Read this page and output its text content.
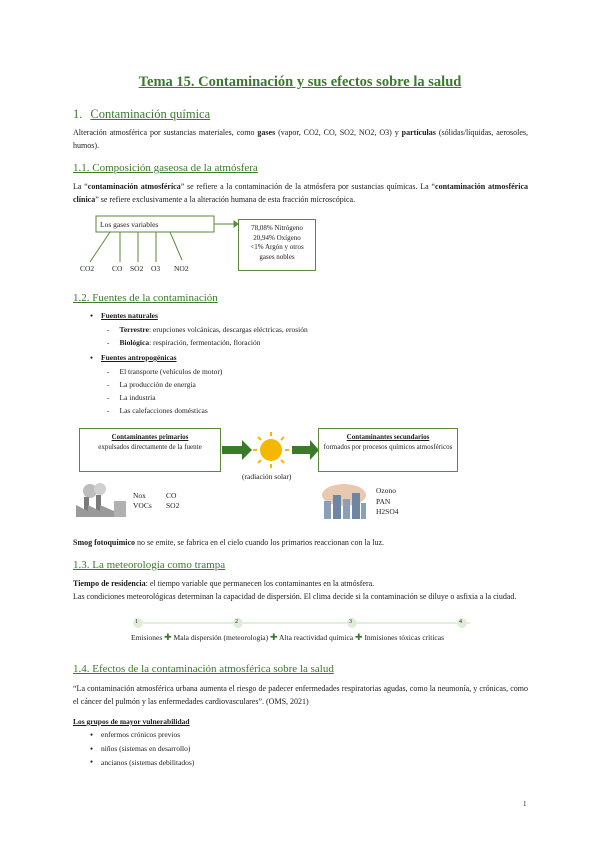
Tema 15. Contaminación y sus efectos sobre la salud
1. Contaminación química
Alteración atmosférica por sustancias materiales, como gases (vapor, CO2, CO, SO2, NO2, O3) y partículas (sólidas/líquidas, aerosoles, humos).
1.1. Composición gaseosa de la atmósfera
La “contaminación atmosférica” se refiere a la contaminación de la atmósfera por sustancias químicas. La “contaminación atmosférica clínica” se refiere exclusivamente a la alteración humana de esta fracción microscópica.
Los gases variables
CO2 CO SO2 O3 NO2
78,08% Nitrógeno
20,94% Oxígeno
<1% Argón y otros
gases nobles
1.2. Fuentes de la contaminación
● Fuentes naturales
- Terrestre: erupciones volcánicas, descargas eléctricas, erosión
- Biológica: respiración, fermentación, floración
● Fuentes antropogénicas
- El transporte (vehículos de motor)
- La producción de energía
- La industria
- Las calefacciones domésticas
Contaminantes primarios
expulsados directamente de la fuente
(radiación solar)
Contaminantes secundarios
formados por procesos químicos atmosféricos
Nox
VOCs
CO
SO2
Ozono
PAN
H2SO4
Smog fotoquímico no se emite, se fabrica en el cielo cuando los primarios reaccionan con la luz.
1.3. La meteorología como trampa
Tiempo de residencia: el tiempo variable que permanecen los contaminantes en la atmósfera.
Las condiciones meteorológicas determinan la capacidad de dispersión. El clima decide si la contaminación se diluye o asfixia a la ciudad.
1	2	3	4
Emisiones ✚ Mala dispersión (meteorología) ✚ Alta reactividad química ✚ Inmisiones tóxicas críticas
1.4. Efectos de la contaminación atmosférica sobre la salud
“La contaminación atmosférica urbana aumenta el riesgo de padecer enfermedades respiratorias agudas, como la neumonía, y crónicas, como el cáncer del pulmón y las enfermedades cardiovasculares”. (OMS, 2021)
Los grupos de mayor vulnerabilidad
● enfermos crónicos previos
● niños (sistemas en desarrollo)
● ancianos (sistemas debilitados)
1
